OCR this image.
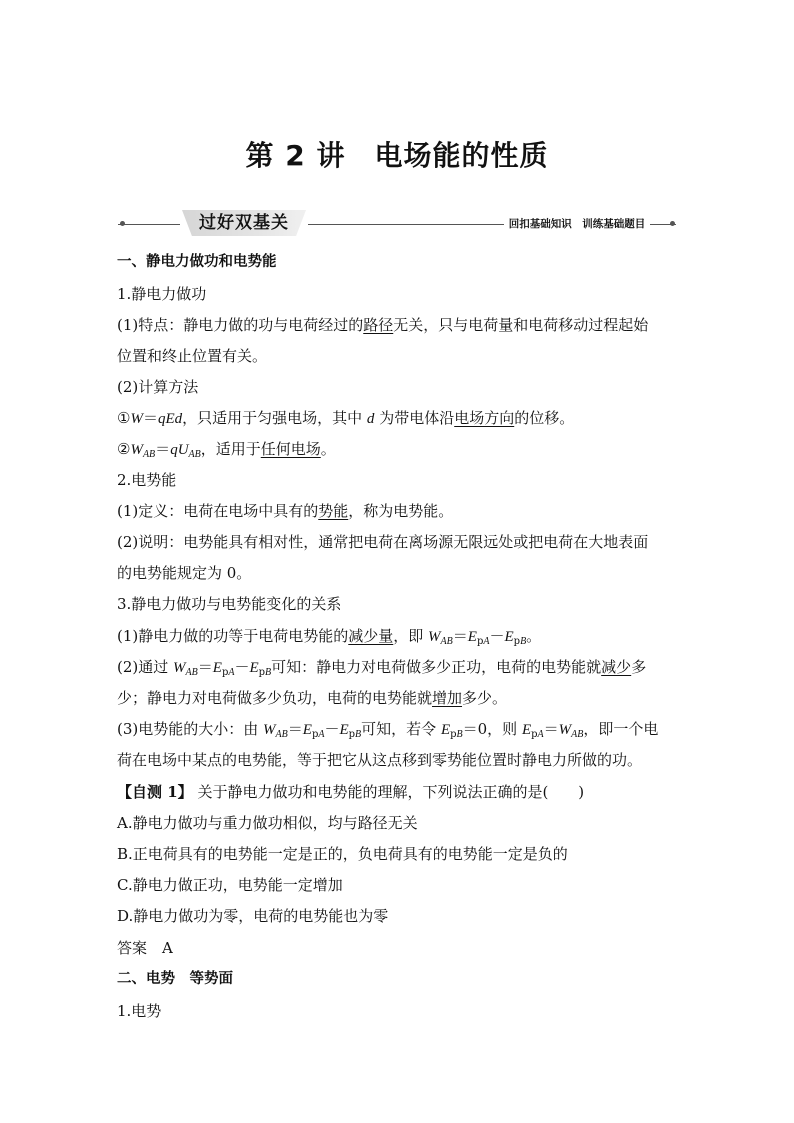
第 2 讲　电场能的性质
过好双基关	回扣基础知识　训练基础题目
一、静电力做功和电势能
1.静电力做功
(1)特点：静电力做的功与电荷经过的路径无关，只与电荷量和电荷移动过程起始
位置和终止位置有关。
(2)计算方法
①W＝qEd，只适用于匀强电场，其中 d 为带电体沿电场方向的位移。
$②W_{AB}=qU_{AB}$，适用于任何电场。
2.电势能
(1)定义：电荷在电场中具有的势能，称为电势能。
(2)说明：电势能具有相对性，通常把电荷在离场源无限远处或把电荷在大地表面
的电势能规定为 0。
3.静电力做功与电势能变化的关系
(1)静电力做的功等于电荷电势能的减少量，即 $W_{AB}=E_{pA}-E_{pB}$。
(2)通过 $W_{AB}=E_{pA}-E_{pB}$可知：静电力对电荷做多少正功，电荷的电势能就减少多
少；静电力对电荷做多少负功，电荷的电势能就增加多少。
(3)电势能的大小：由 $W_{AB}=E_{pA}-E_{pB}$可知，若令 $E_{pB}=0$，则 $E_{pA}=W_{AB}$，即一个电
荷在电场中某点的电势能，等于把它从这点移到零势能位置时静电力所做的功。
【自测 1】 关于静电力做功和电势能的理解，下列说法正确的是(　　)
A.静电力做功与重力做功相似，均与路径无关
B.正电荷具有的电势能一定是正的，负电荷具有的电势能一定是负的
C.静电力做正功，电势能一定增加
D.静电力做功为零，电荷的电势能也为零
答案　A
二、电势　等势面
1.电势
